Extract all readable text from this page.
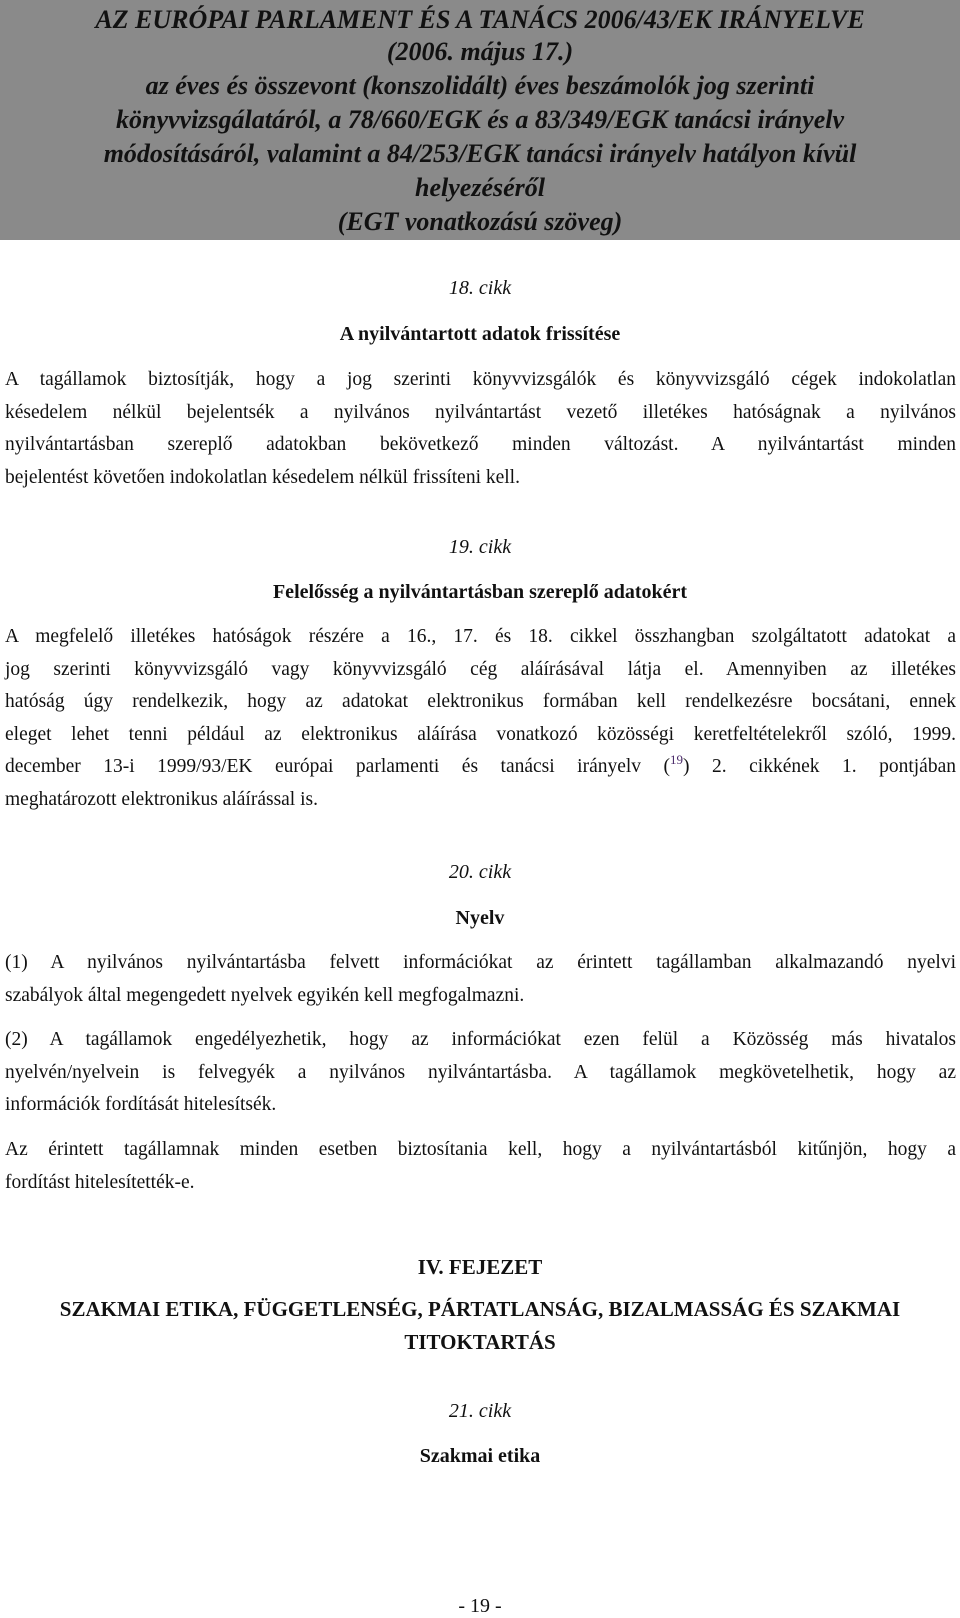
AZ EURÓPAI PARLAMENT ÉS A TANÁCS 2006/43/EK IRÁNYELVE
(2006. május 17.)
az éves és összevont (konszolidált) éves beszámolók jog szerinti
könyvvizsgálatáról, a 78/660/EGK és a 83/349/EGK tanácsi irányelv
módosításáról, valamint a 84/253/EGK tanácsi irányelv hatályon kívül
helyezéséről
(EGT vonatkozású szöveg)
18. cikk
A nyilvántartott adatok frissítése
A tagállamok biztosítják, hogy a jog szerinti könyvvizsgálók és könyvvizsgáló cégek indokolatlan
késedelem nélkül bejelentsék a nyilvános nyilvántartást vezető illetékes hatóságnak a nyilvános
nyilvántartásban szereplő adatokban bekövetkező minden változást. A nyilvántartást minden
bejelentést követően indokolatlan késedelem nélkül frissíteni kell.
19. cikk
Felelősség a nyilvántartásban szereplő adatokért
A megfelelő illetékes hatóságok részére a 16., 17. és 18. cikkel összhangban szolgáltatott adatokat a
jog szerinti könyvvizsgáló vagy könyvvizsgáló cég aláírásával látja el. Amennyiben az illetékes
hatóság úgy rendelkezik, hogy az adatokat elektronikus formában kell rendelkezésre bocsátani, ennek
eleget lehet tenni például az elektronikus aláírása vonatkozó közösségi keretfeltételekről szóló, 1999.
december 13-i 1999/93/EK európai parlamenti és tanácsi irányelv ($^{19}$) 2. cikkének 1. pontjában
meghatározott elektronikus aláírással is.
20. cikk
Nyelv
(1) A nyilvános nyilvántartásba felvett információkat az érintett tagállamban alkalmazandó nyelvi
szabályok által megengedett nyelvek egyikén kell megfogalmazni.
(2) A tagállamok engedélyezhetik, hogy az információkat ezen felül a Közösség más hivatalos
nyelvén/nyelvein is felvegyék a nyilvános nyilvántartásba. A tagállamok megkövetelhetik, hogy az
információk fordítását hitelesítsék.
Az érintett tagállamnak minden esetben biztosítania kell, hogy a nyilvántartásból kitűnjön, hogy a
fordítást hitelesítették-e.
IV. FEJEZET
SZAKMAI ETIKA, FÜGGETLENSÉG, PÁRTATLANSÁG, BIZALMASSÁG ÉS SZAKMAI
TITOKTARTÁS
21. cikk
Szakmai etika
- 19 -
